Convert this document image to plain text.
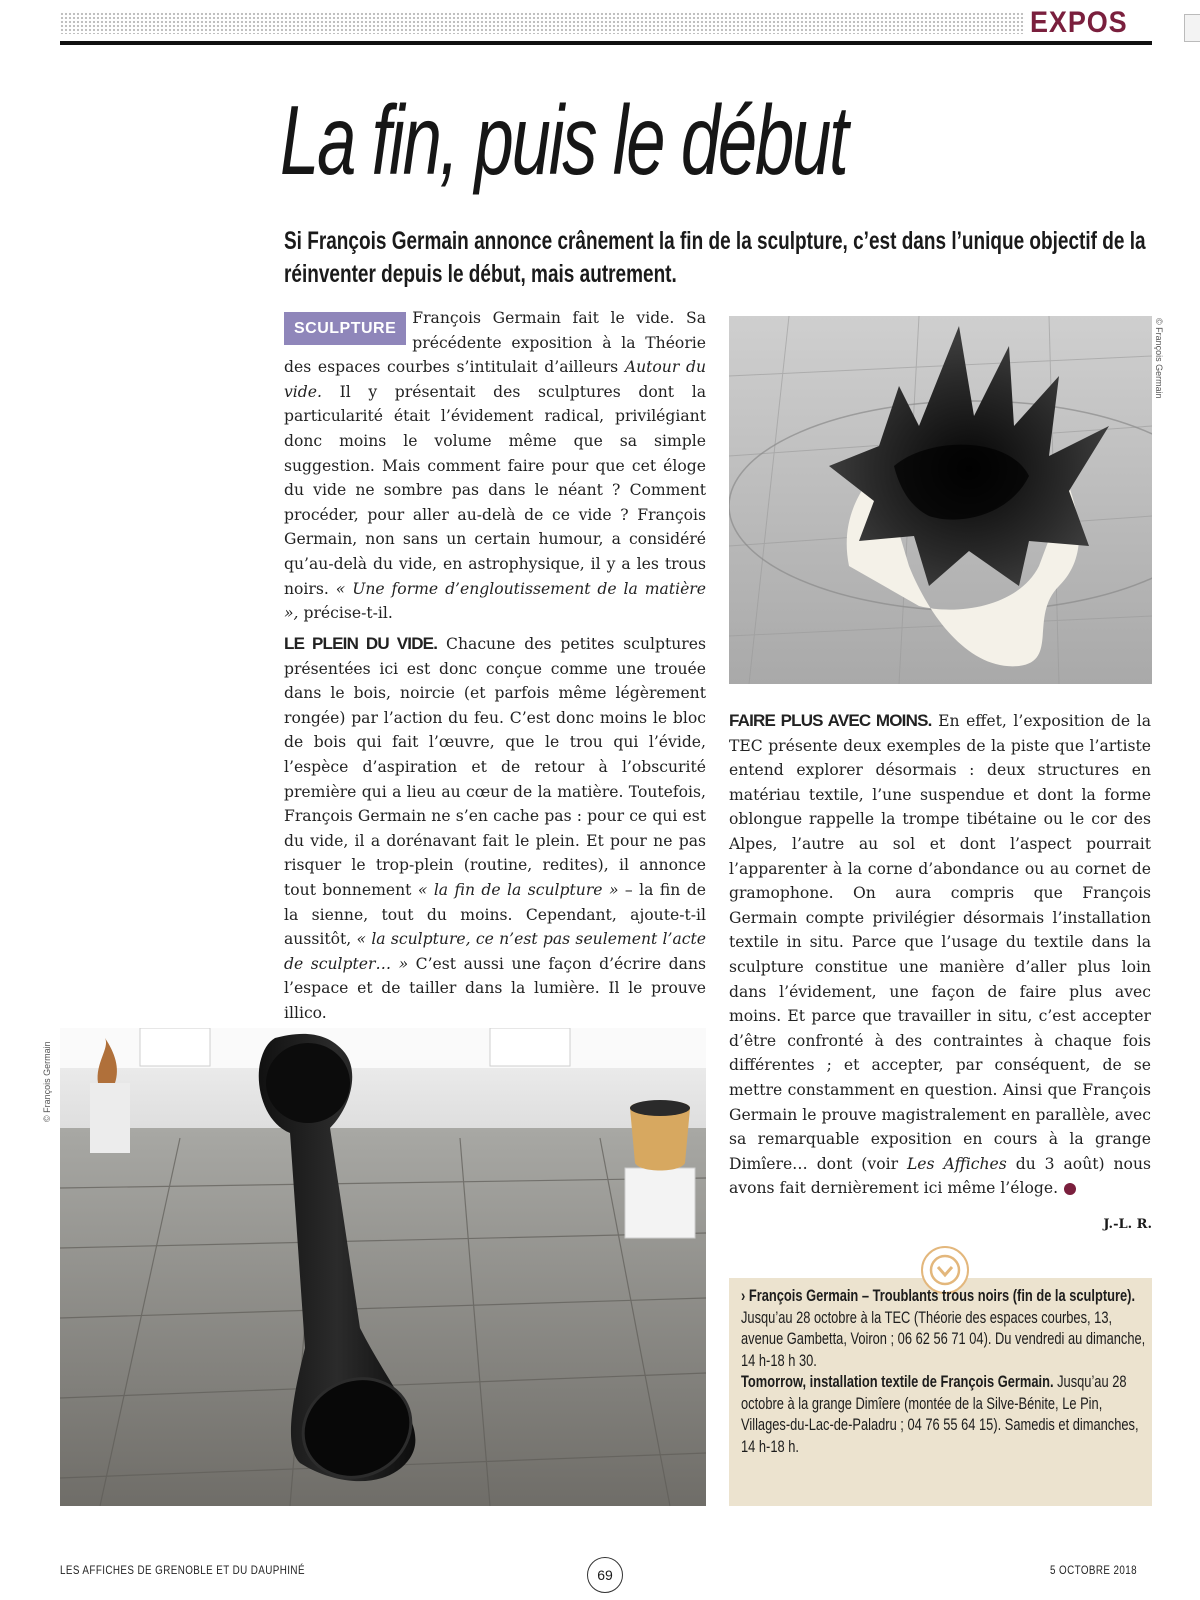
EXPOS
La fin, puis le début
Si François Germain annonce crânement la fin de la sculpture, c’est dans l’unique objectif de la réinventer depuis le début, mais autrement.

SCULPTURE
François Germain fait le vide. Sa précédente exposition à la Théorie des espaces courbes s’intitulait d’ailleurs Autour du vide. Il y présentait des sculptures dont la particularité était l’évidement radical, privilégiant donc moins le volume même que sa simple suggestion. Mais comment faire pour que cet éloge du vide ne sombre pas dans le néant ? Comment procéder, pour aller au-delà de ce vide ? François Germain, non sans un certain humour, a considéré qu’au-delà du vide, en astrophysique, il y a les trous noirs. « Une forme d’engloutissement de la matière », précise-t-il.

LE PLEIN DU VIDE. Chacune des petites sculptures présentées ici est donc conçue comme une trouée dans le bois, noircie (et parfois même légèrement rongée) par l’action du feu. C’est donc moins le bloc de bois qui fait l’œuvre, que le trou qui l’évide, l’espèce d’aspiration et de retour à l’obscurité première qui a lieu au cœur de la matière. Toutefois, François Germain ne s’en cache pas : pour ce qui est du vide, il a dorénavant fait le plein. Et pour ne pas risquer le trop-plein (routine, redites), il annonce tout bonnement « la fin de la sculpture » – la fin de la sienne, tout du moins. Cependant, ajoute-t-il aussitôt, « la sculpture, ce n’est pas seulement l’acte de sculpter… » C’est aussi une façon d’écrire dans l’espace et de tailler dans la lumière. Il le prouve illico.

© François Germain

FAIRE PLUS AVEC MOINS. En effet, l’exposition de la TEC présente deux exemples de la piste que l’artiste entend explorer désormais : deux structures en matériau textile, l’une suspendue et dont la forme oblongue rappelle la trompe tibétaine ou le cor des Alpes, l’autre au sol et dont l’aspect pourrait l’apparenter à la corne d’abondance ou au cornet de gramophone. On aura compris que François Germain compte privilégier désormais l’installation textile in situ. Parce que l’usage du textile dans la sculpture constitue une manière d’aller plus loin dans l’évidement, une façon de faire plus avec moins. Et parce que travailler in situ, c’est accepter d’être confronté à des contraintes à chaque fois différentes ; et accepter, par conséquent, de se mettre constamment en question. Ainsi que François Germain le prouve magistralement en parallèle, avec sa remarquable exposition en cours à la grange Dimîere… dont (voir Les Affiches du 3 août) nous avons fait dernièrement ici même l’éloge.

J.-L. R.
© François Germain
› François Germain – Troublants trous noirs (fin de la sculpture). Jusqu’au 28 octobre à la TEC (Théorie des espaces courbes, 13, avenue Gambetta, Voiron ; 06 62 56 71 04). Du vendredi au dimanche, 14 h-18 h 30.
Tomorrow, installation textile de François Germain. Jusqu’au 28 octobre à la grange Dimîere (montée de la Silve-Bénite, Le Pin, Villages-du-Lac-de-Paladru ; 04 76 55 64 15). Samedis et dimanches, 14 h-18 h.
LES AFFICHES DE GRENOBLE ET DU DAUPHINÉ	69	5 OCTOBRE 2018
